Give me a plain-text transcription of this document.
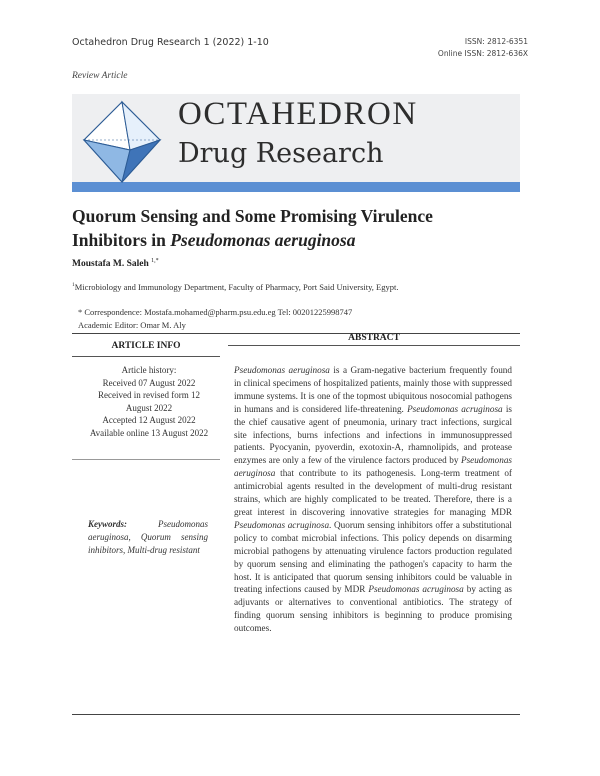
Octahedron Drug Research 1 (2022) 1-10	ISSN: 2812-6351
Online ISSN: 2812-636X
Review Article
OCTAHEDRON
Drug Research
Quorum Sensing and Some Promising Virulence
Inhibitors in Pseudomonas aeruginosa
Moustafa M. Saleh $^{1,*}$
$^1$Microbiology and Immunology Department, Faculty of Pharmacy, Port Said University, Egypt.
* Correspondence: Mostafa.mohamed@pharm.psu.edu.eg Tel: 00201225998747
Academic Editor: Omar M. Aly
ARTICLE INFO
ABSTRACT
Article history:
Received 07 August 2022
Received in revised form 12 August 2022
Accepted 12 August 2022
Available online 13 August 2022
Keywords:	Pseudomonas aeruginosa, Quorum sensing inhibitors, Multi-drug resistant
Pseudomonas aeruginosa is a Gram-negative bacterium frequently found in clinical specimens of hospitalized patients, mainly those with suppressed immune systems. It is one of the topmost ubiquitous nosocomial pathogens in humans and is considered life-threatening. Pseudomonas acruginosa is the chief causative agent of pneumonia, urinary tract infections, surgical site infections, burns infections and infections in immunosuppressed patients. Pyocyanin, pyoverdin, exotoxin-A, rhamnolipids, and protease enzymes are only a few of the virulence factors produced by Pseudomonas aeruginosa that contribute to its pathogenesis. Long-term treatment of antimicrobial agents resulted in the development of multi-drug resistant strains, which are highly complicated to be treated. Therefore, there is a great interest in discovering innovative strategies for managing MDR Pseudomonas acruginosa. Quorum sensing inhibitors offer a substitutional policy to combat microbial infections. This policy depends on disarming microbial pathogens by attenuating virulence factors production regulated by quorum sensing and eliminating the pathogen's capacity to harm the host. It is anticipated that quorum sensing inhibitors could be valuable in treating infections caused by MDR Pseudomonas acruginosa by acting as adjuvants or alternatives to conventional antibiotics. The strategy of finding quorum sensing inhibitors is beginning to produce promising outcomes.
